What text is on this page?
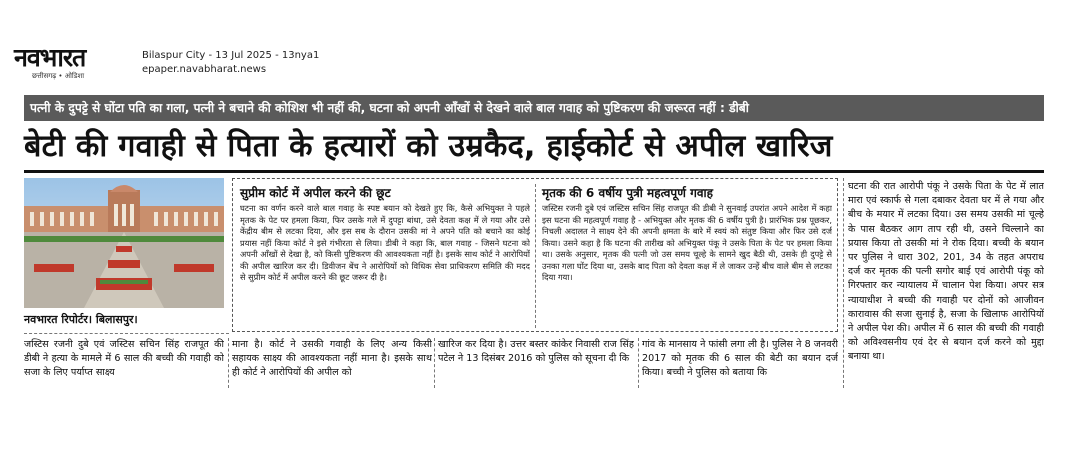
नवभारत
छत्तीसगढ़ • ओडिशा
Bilaspur City - 13 Jul 2025 - 13nya1
epaper.navabharat.news
पत्नी के दुपट्टे से घोंटा पति का गला, पत्नी ने बचाने की कोशिश भी नहीं की, घटना को अपनी आँखों से देखने वाले बाल गवाह को पुष्टिकरण की जरूरत नहीं : डीबी
बेटी की गवाही से पिता के हत्यारों को उम्रकैद, हाईकोर्ट से अपील खारिज
नवभारत रिपोर्टर। बिलासपुर।
सुप्रीम कोर्ट में अपील करने की छूट
घटना का वर्णन करने वाले बाल गवाह के स्पष्ट बयान को देखते हुए कि, कैसे अभियुक्त ने पहले मृतक के पेट पर हमला किया, फिर उसके गले में दुपट्टा बांधा, उसे देवता कक्ष में ले गया और उसे केंद्रीय बीम से लटका दिया, और इस सब के दौरान उसकी मां ने अपने पति को बचाने का कोई प्रयास नहीं किया कोर्ट ने इसे गंभीरता से लिया। डीबी ने कहा कि, बाल गवाह - जिसने घटना को अपनी आँखों से देखा है, को किसी पुष्टिकरण की आवश्यकता नहीं है। इसके साथ कोर्ट ने आरोपियों की अपील खारिज कर दी। डिवीजन बेंच ने आरोपियों को विधिक सेवा प्राधिकरण समिति की मदद से सुप्रीम कोर्ट में अपील करने की छूट जरूर दी है।
मृतक की 6 वर्षीय पुत्री महत्वपूर्ण गवाह
जस्टिस रजनी दुबे एवं जस्टिस सचिन सिंह राजपूत की डीबी ने सुनवाई उपरांत अपने आदेश में कहा इस घटना की महत्वपूर्ण गवाह है - अभियुक्त और मृतक की 6 वर्षीय पुत्री है। प्रारंभिक प्रश्न पूछकर, निचली अदालत ने साक्ष्य देने की अपनी क्षमता के बारे में स्वयं को संतुष्ट किया और फिर उसे दर्ज किया। उसने कहा है कि घटना की तारीख को अभियुक्त पंकू ने उसके पिता के पेट पर हमला किया था। उसके अनुसार, मृतक की पत्नी जो उस समय चूल्हे के सामने खुद बैठी थी, उसके ही दुपट्टे से उनका गला घोंट दिया था, उसके बाद पिता को देवता कक्ष में ले जाकर उन्हें बीच वाले बीम से लटका दिया गया।
जस्टिस रजनी दुबे एवं जस्टिस सचिन सिंह राजपूत की डीबी ने हत्या के मामले में 6 साल की बच्ची की गवाही को सजा के लिए पर्याप्त साक्ष्य
माना है। कोर्ट ने उसकी गवाही के लिए अन्य किसी सहायक साक्ष्य की आवश्यकता नहीं माना है। इसके साथ ही कोर्ट ने आरोपियों की अपील को
खारिज कर दिया है। उत्तर बस्तर कांकेर निवासी राज सिंह पटेल ने 13 दिसंबर 2016 को पुलिस को सूचना दी कि
गांव के मानसाय ने फांसी लगा ली है। पुलिस ने 8 जनवरी 2017 को मृतक की 6 साल की बेटी का बयान दर्ज किया। बच्ची ने पुलिस को बताया कि
घटना की रात आरोपी पंकू ने उसके पिता के पेट में लात मारा एवं स्कार्फ से गला दबाकर देवता घर में ले गया और बीच के मयार में लटका दिया। उस समय उसकी मां चूल्हे के पास बैठकर आग ताप रही थी, उसने चिल्लाने का प्रयास किया तो उसकी मां ने रोक दिया। बच्ची के बयान पर पुलिस ने धारा 302, 201, 34 के तहत अपराध दर्ज कर मृतक की पत्नी सगोर बाई एवं आरोपी पंकू को गिरफ्तार कर न्यायालय में चालान पेश किया। अपर सत्र न्यायाधीश ने बच्ची की गवाही पर दोनों को आजीवन कारावास की सजा सुनाई है, सजा के खिलाफ आरोपियों ने अपील पेश की। अपील में 6 साल की बच्ची की गवाही को अविश्वसनीय एवं देर से बयान दर्ज करने को मुद्दा बनाया था।
